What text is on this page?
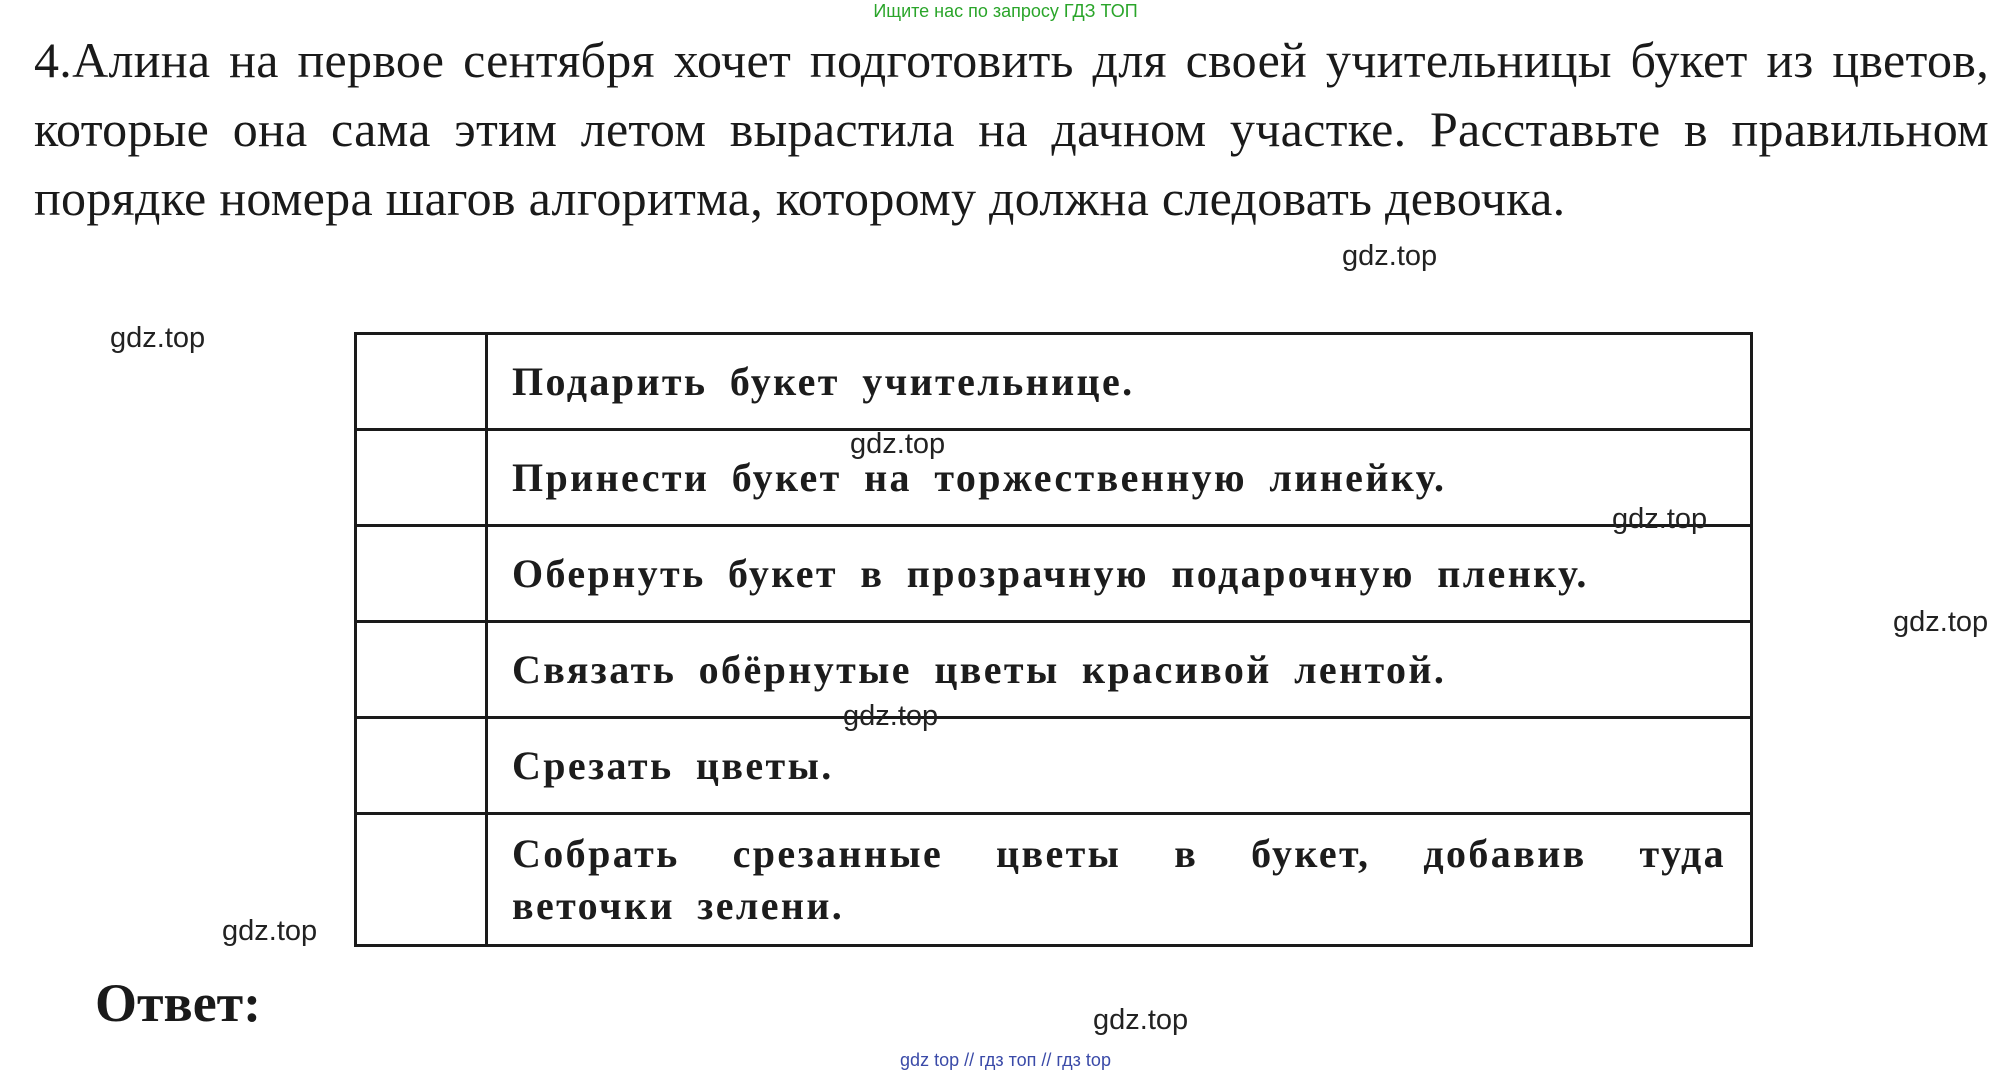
Ищите нас по запросу ГДЗ ТОП
4.Алина на первое сентября хочет подготовить для своей учительницы букет из цветов, которые она сама этим летом вырастила на дачном участке. Расставьте в правильном порядке номера шагов алгоритма, которому должна следовать девочка.
	Подарить букет учительнице.
	Принести букет на торжественную линейку.
	Обернуть букет в прозрачную подарочную пленку.
	Связать обёрнутые цветы красивой лентой.
	Срезать цветы.
	Собрать срезанные цветы в букет, добавив туда веточки зелени.
Ответ:
gdz.top
gdz.top
gdz.top
gdz.top
gdz.top
gdz.top
gdz.top
gdz.top
gdz top // гдз топ // гдз top
